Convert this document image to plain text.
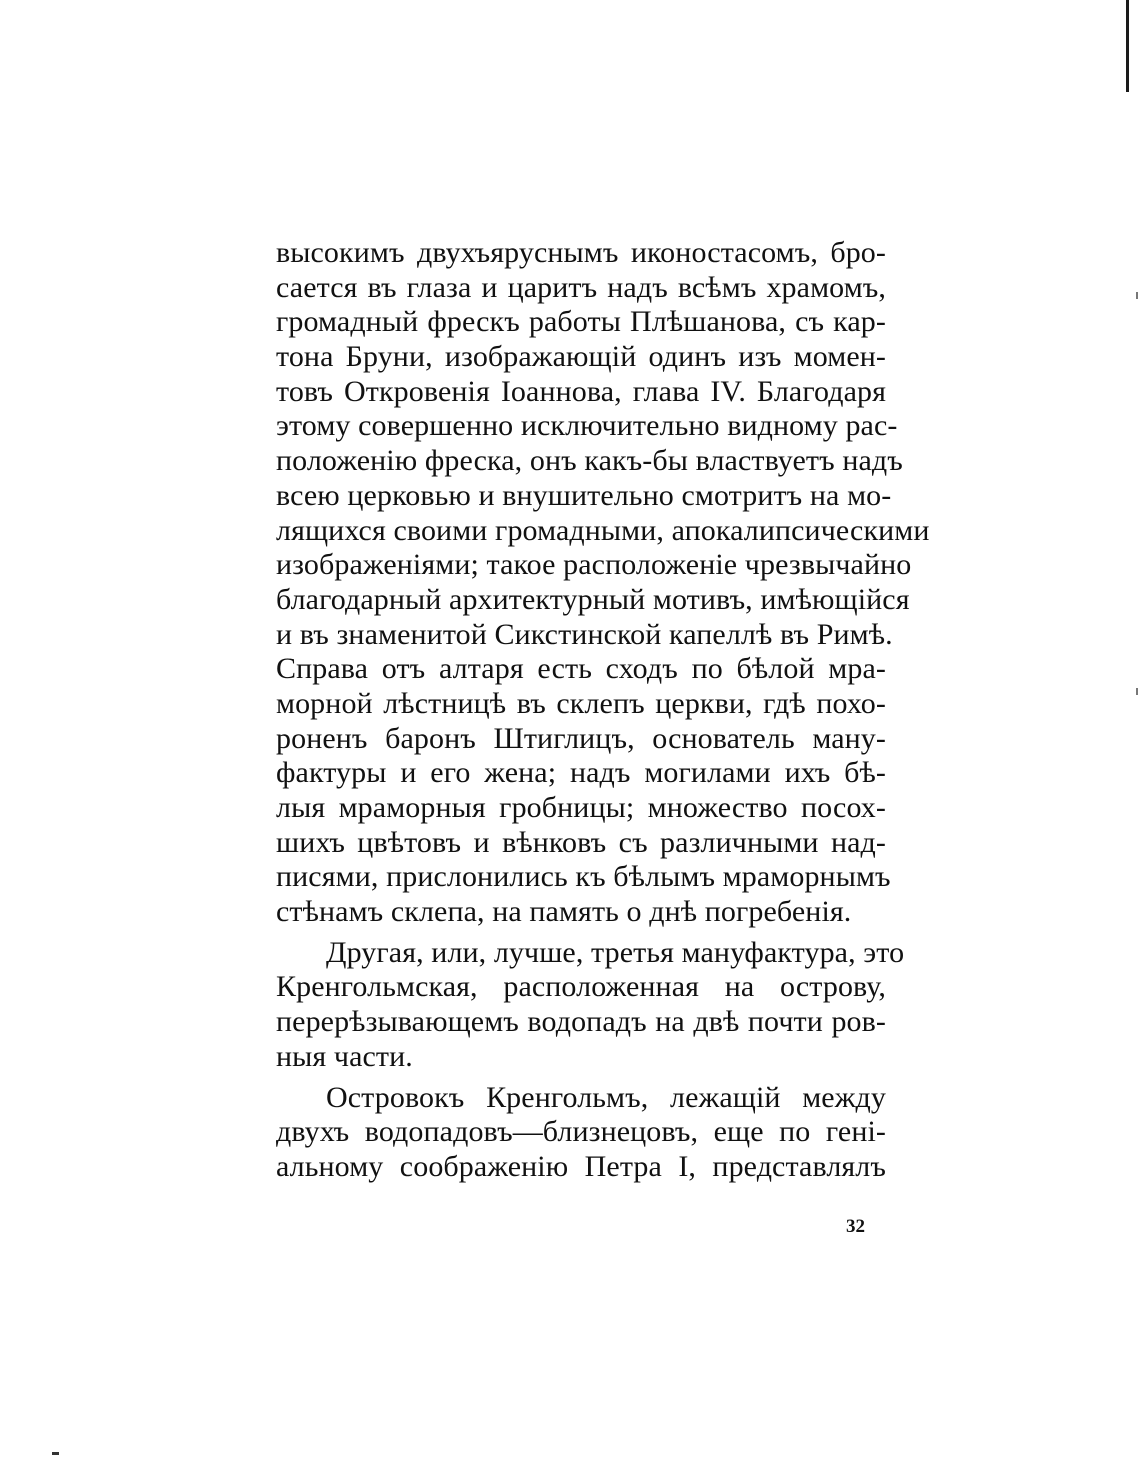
высокимъ двухъяруснымъ иконостасомъ, бро-
сается въ глаза и царитъ надъ всѣмъ храмомъ,
громадный фрескъ работы Плѣшанова, съ кар-
тона Бруни, изображающій одинъ изъ момен-
товъ Откровенія Іоаннова, глава IV. Благодаря
этому совершенно исключительно видному рас-
положенію фреска, онъ какъ-бы властвуетъ надъ
всею церковью и внушительно смотритъ на мо-
лящихся своими громадными, апокалипсическими
изображеніями; такое расположеніе чрезвычайно
благодарный архитектурный мотивъ, имѣющійся
и въ знаменитой Сикстинской капеллѣ въ Римѣ.
Справа отъ алтаря есть сходъ по бѣлой мра-
морной лѣстницѣ въ склепъ церкви, гдѣ похо-
роненъ баронъ Штиглицъ, основатель ману-
фактуры и его жена; надъ могилами ихъ бѣ-
лыя мраморныя гробницы; множество посох-
шихъ цвѣтовъ и вѣнковъ съ различными над-
писями, прислонились къ бѣлымъ мраморнымъ
стѣнамъ склепа, на память о днѣ погребенія.
Другая, или, лучше, третья мануфактура, это
Кренгольмская, расположенная на острову,
перерѣзывающемъ водопадъ на двѣ почти ров-
ныя части.
Островокъ Кренгольмъ, лежащій между
двухъ водопадовъ—близнецовъ, еще по гені-
альному соображенію Петра I, представлялъ
32
